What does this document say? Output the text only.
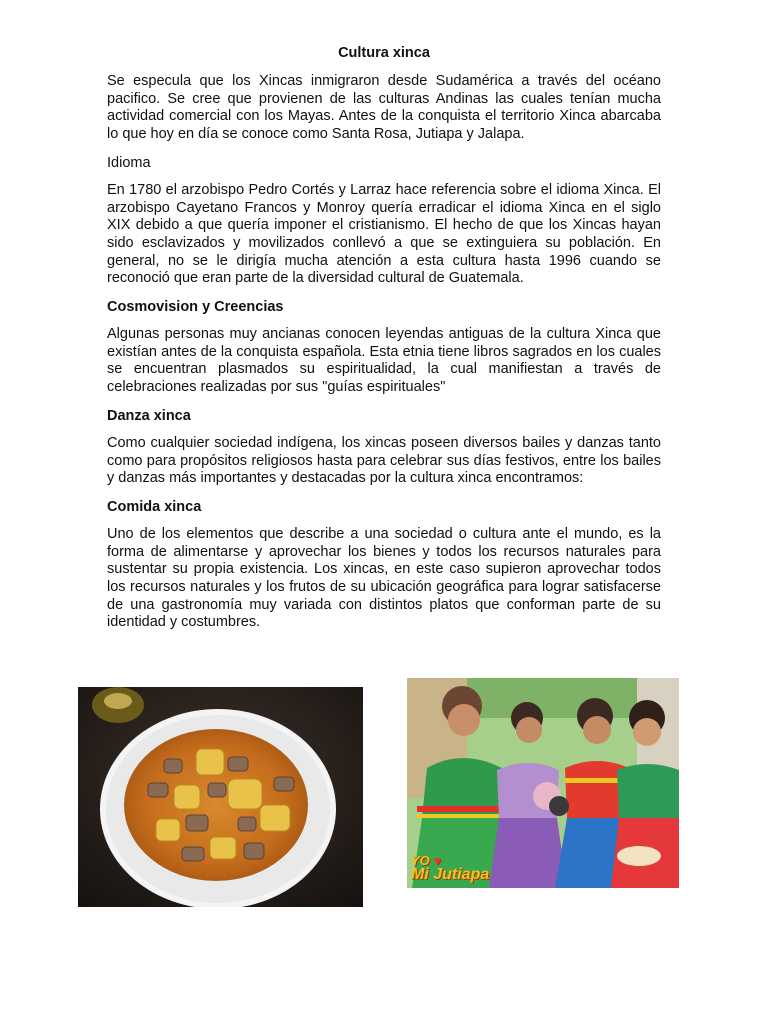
Cultura xinca

Se especula que los Xincas inmigraron desde Sudamérica a través del océano pacifico. Se cree que provienen de las culturas Andinas las cuales tenían mucha actividad comercial con los Mayas. Antes de la conquista el territorio Xinca abarcaba lo que hoy en día se conoce como Santa Rosa, Jutiapa y Jalapa.

Idioma

En 1780 el arzobispo Pedro Cortés y Larraz hace referencia sobre el idioma Xinca. El arzobispo Cayetano Francos y Monroy quería erradicar el idioma Xinca en el siglo XIX debido a que quería imponer el cristianismo. El hecho de que los Xincas hayan sido esclavizados y movilizados conllevó a que se extinguiera su población. En general, no se le dirigía mucha atención a esta cultura hasta 1996 cuando se reconoció que eran parte de la diversidad cultural de Guatemala.

Cosmovision y Creencias

Algunas personas muy ancianas conocen leyendas antiguas de la cultura Xinca que existían antes de la conquista española. Esta etnia tiene libros sagrados en los cuales se encuentran plasmados su espiritualidad, la cual manifiestan a través de celebraciones realizadas por sus "guías espirituales"

Danza xinca

Como cualquier sociedad indígena, los xincas poseen diversos bailes y danzas tanto como para propósitos religiosos hasta para celebrar sus días festivos, entre los bailes y danzas más importantes y destacadas por la cultura xinca encontramos:

Comida xinca

Uno de los elementos que describe a una sociedad o cultura ante el mundo, es la forma de alimentarse y aprovechar los bienes y todos los recursos naturales para sustentar su propia existencia. Los xincas, en este caso supieron aprovechar todos los recursos naturales y los frutos de su ubicación geográfica para lograr satisfacerse de una gastronomía muy variada con distintos platos que conforman parte de su identidad y costumbres.

YO ♥
Mi Jutiapa
